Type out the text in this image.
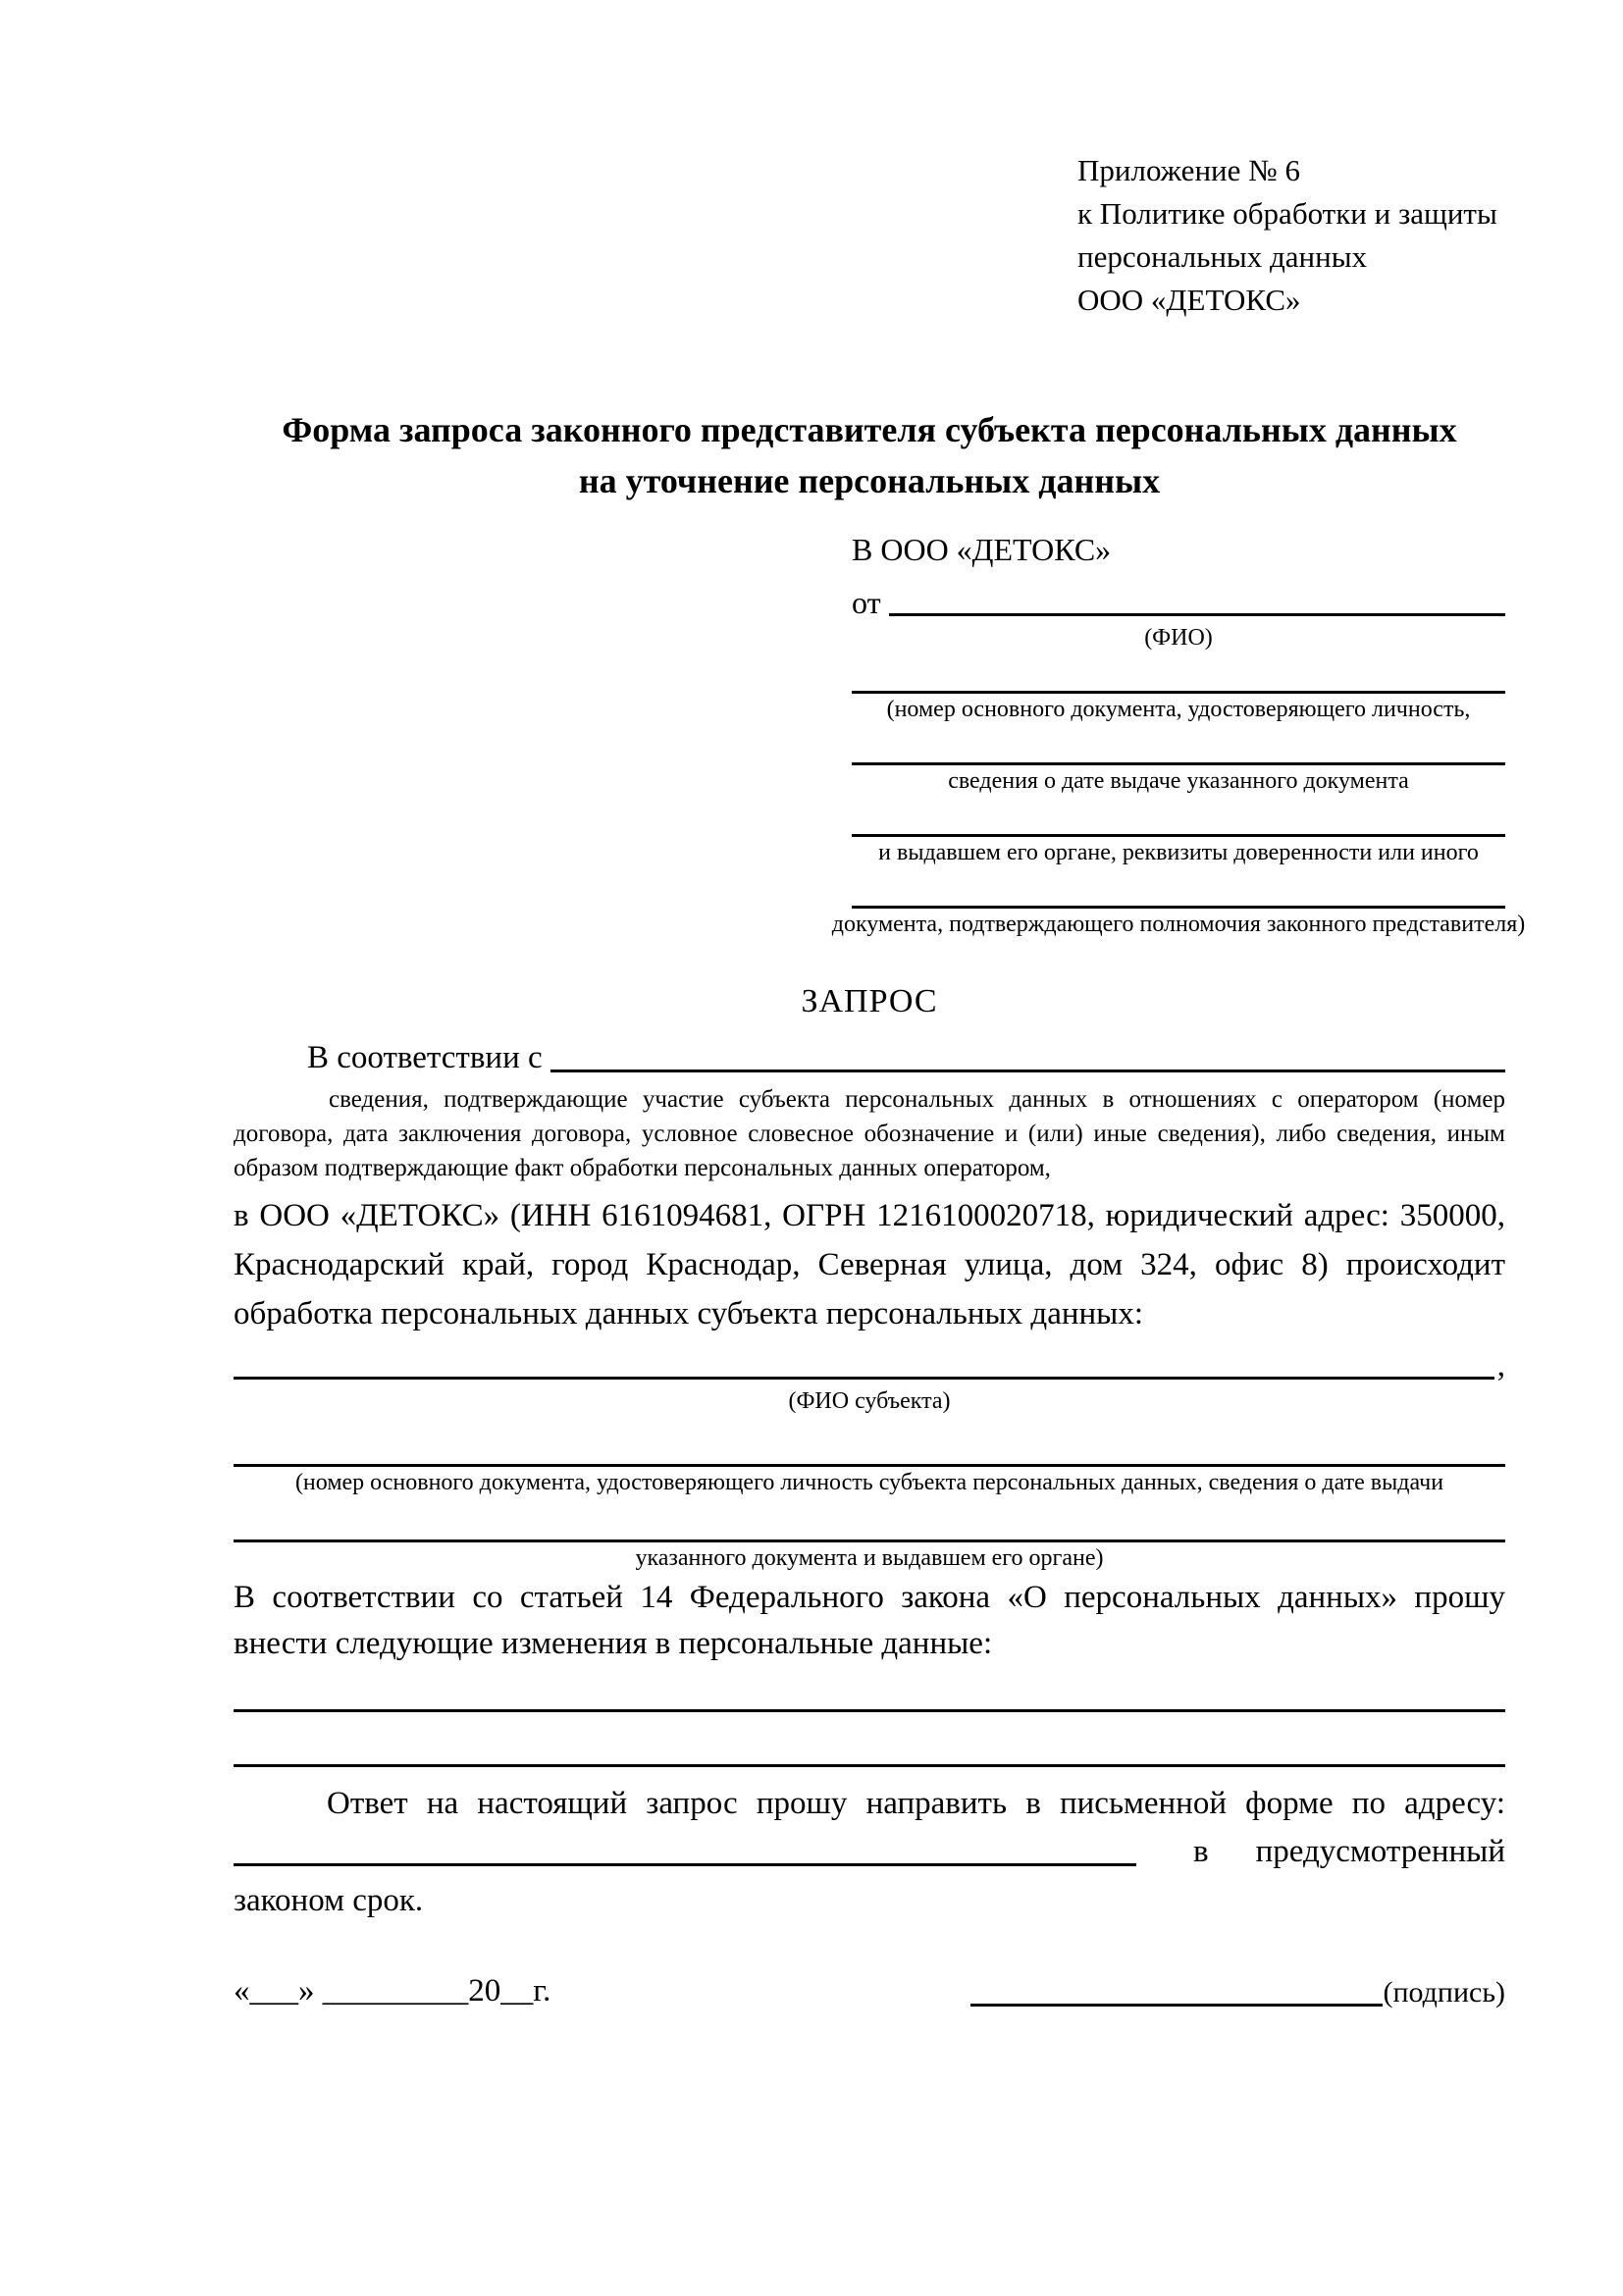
Приложение № 6
к Политике обработки и защиты
персональных данных
ООО «ДЕТОКС»
Форма запроса законного представителя субъекта персональных данных
на уточнение персональных данных
В ООО «ДЕТОКС»
от
(ФИО)
(номер основного документа, удостоверяющего личность,
сведения о дате выдаче указанного документа
и выдавшем его органе, реквизиты доверенности или иного
документа, подтверждающего полномочия законного представителя)
ЗАПРОС
В соответствии с
сведения, подтверждающие участие субъекта персональных данных в отношениях с оператором (номер договора, дата заключения договора, условное словесное обозначение и (или) иные сведения), либо сведения, иным образом подтверждающие факт обработки персональных данных оператором,
в ООО «ДЕТОКС» (ИНН 6161094681, ОГРН 1216100020718, юридический адрес: 350000, Краснодарский край, город Краснодар, Северная улица, дом 324, офис 8) происходит обработка персональных данных субъекта персональных данных:
,
(ФИО субъекта)
(номер основного документа, удостоверяющего личность субъекта персональных данных, сведения о дате выдачи
указанного документа и выдавшем его органе)
В соответствии со статьей 14 Федерального закона «О персональных данных» прошу внести следующие изменения в персональные данные:
Ответ на настоящий запрос прошу направить в письменной форме по адресу:
в предусмотренный
законом срок.
«___» _________20__г.	(подпись)
